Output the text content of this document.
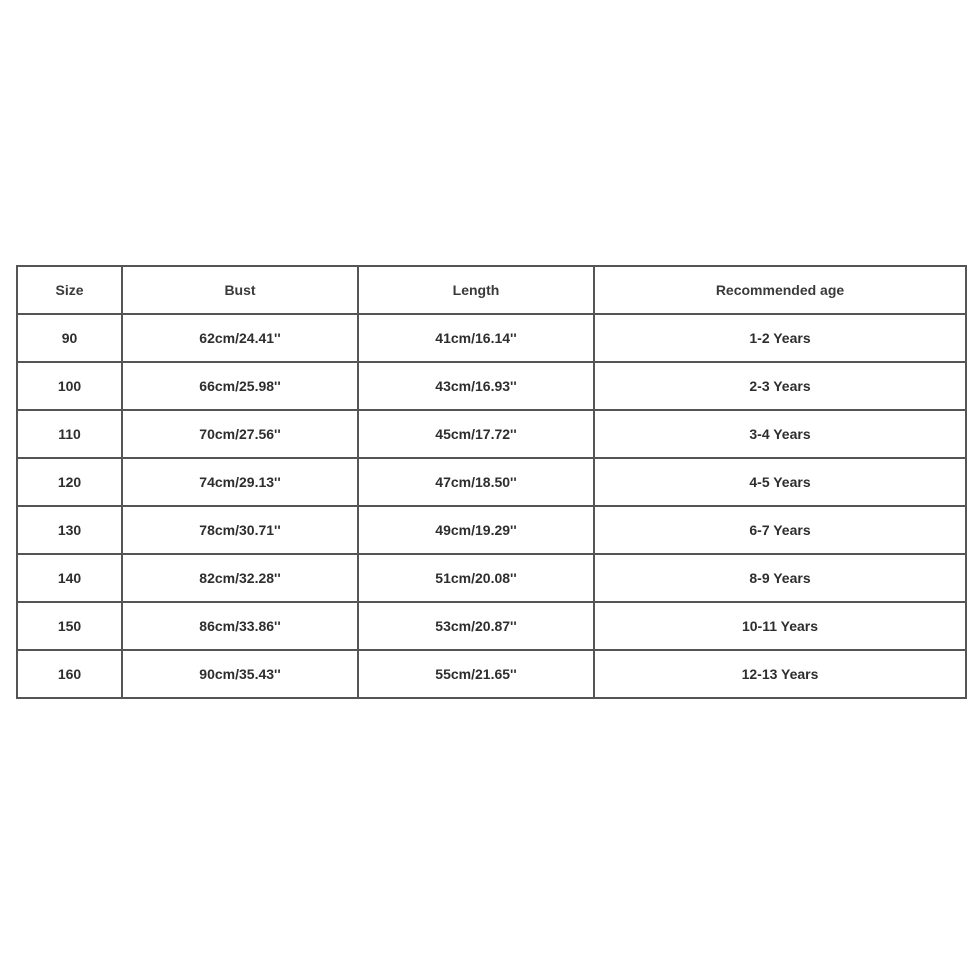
Size	Bust	Length	Recommended age
90	62cm/24.41''	41cm/16.14''	1-2 Years
100	66cm/25.98''	43cm/16.93''	2-3 Years
110	70cm/27.56''	45cm/17.72''	3-4 Years
120	74cm/29.13''	47cm/18.50''	4-5 Years
130	78cm/30.71''	49cm/19.29''	6-7 Years
140	82cm/32.28''	51cm/20.08''	8-9 Years
150	86cm/33.86''	53cm/20.87''	10-11 Years
160	90cm/35.43''	55cm/21.65''	12-13 Years
